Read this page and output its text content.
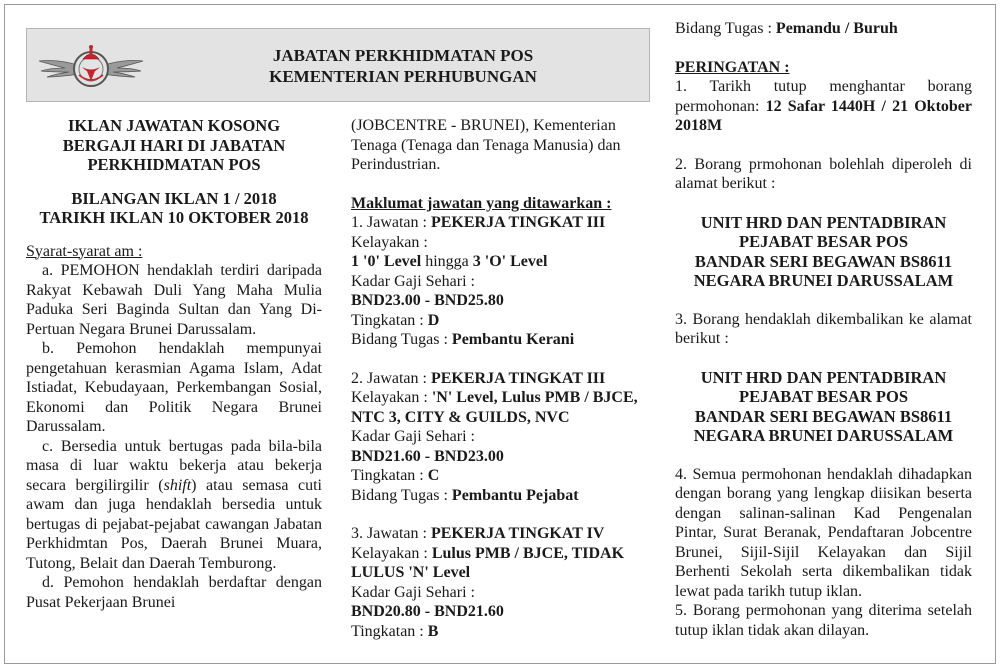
JABATAN PERKHIDMATAN POS
KEMENTERIAN PERHUBUNGAN
IKLAN JAWATAN KOSONG
BERGAJI HARI DI JABATAN
PERKHIDMATAN POS
BILANGAN IKLAN 1 / 2018
TARIKH IKLAN 10 OKTOBER 2018

Syarat-syarat am :

a. PEMOHON hendaklah terdiri daripada Rakyat Kebawah Duli Yang Maha Mulia Paduka Seri Baginda Sultan dan Yang Di-Pertuan Negara Brunei Darussalam.

b. Pemohon hendaklah mempunyai pengetahuan kerasmian Agama Islam, Adat Istiadat, Kebudayaan, Perkembangan Sosial, Ekonomi dan Politik Negara Brunei Darussalam.

c. Bersedia untuk bertugas pada bila-bila masa di luar waktu bekerja atau bekerja secara bergilirgilir (shift) atau semasa cuti awam dan juga hendaklah bersedia untuk bertugas di pejabat-pejabat cawangan Jabatan Perkhidmtan Pos, Daerah Brunei Muara, Tutong, Belait dan Daerah Temburong.

d. Pemohon hendaklah berdaftar dengan Pusat Pekerjaan Brunei

(JOBCENTRE - BRUNEI), Kementerian Tenaga (Tenaga dan Tenaga Manusia) dan Perindustrian.

Maklumat jawatan yang ditawarkan :

1. Jawatan : PEKERJA TINGKAT III

Kelayakan :

1 '0' Level hingga 3 'O' Level

Kadar Gaji Sehari :

BND23.00 - BND25.80

Tingkatan : D

Bidang Tugas : Pembantu Kerani

2. Jawatan : PEKERJA TINGKAT III

Kelayakan : 'N' Level, Lulus PMB / BJCE, NTC 3, CITY & GUILDS, NVC

Kadar Gaji Sehari :

BND21.60 - BND23.00

Tingkatan : C

Bidang Tugas : Pembantu Pejabat

3. Jawatan : PEKERJA TINGKAT IV

Kelayakan : Lulus PMB / BJCE, TIDAK LULUS 'N' Level

Kadar Gaji Sehari :

BND20.80 - BND21.60

Tingkatan : B

Bidang Tugas : Pemandu / Buruh

PERINGATAN :

1. Tarikh tutup menghantar borang permohonan: 12 Safar 1440H / 21 Oktober 2018M

2. Borang prmohonan bolehlah diperoleh di alamat berikut :

UNIT HRD DAN PENTADBIRAN
PEJABAT BESAR POS
BANDAR SERI BEGAWAN BS8611
NEGARA BRUNEI DARUSSALAM

3. Borang hendaklah dikembalikan ke alamat berikut :

UNIT HRD DAN PENTADBIRAN
PEJABAT BESAR POS
BANDAR SERI BEGAWAN BS8611
NEGARA BRUNEI DARUSSALAM

4. Semua permohonan hendaklah dihadapkan dengan borang yang lengkap diisikan beserta dengan salinan-salinan Kad Pengenalan Pintar, Surat Beranak, Pendaftaran Jobcentre Brunei, Sijil-Sijil Kelayakan dan Sijil Berhenti Sekolah serta dikembalikan tidak lewat pada tarikh tutup iklan.

5. Borang permohonan yang diterima setelah tutup iklan tidak akan dilayan.
